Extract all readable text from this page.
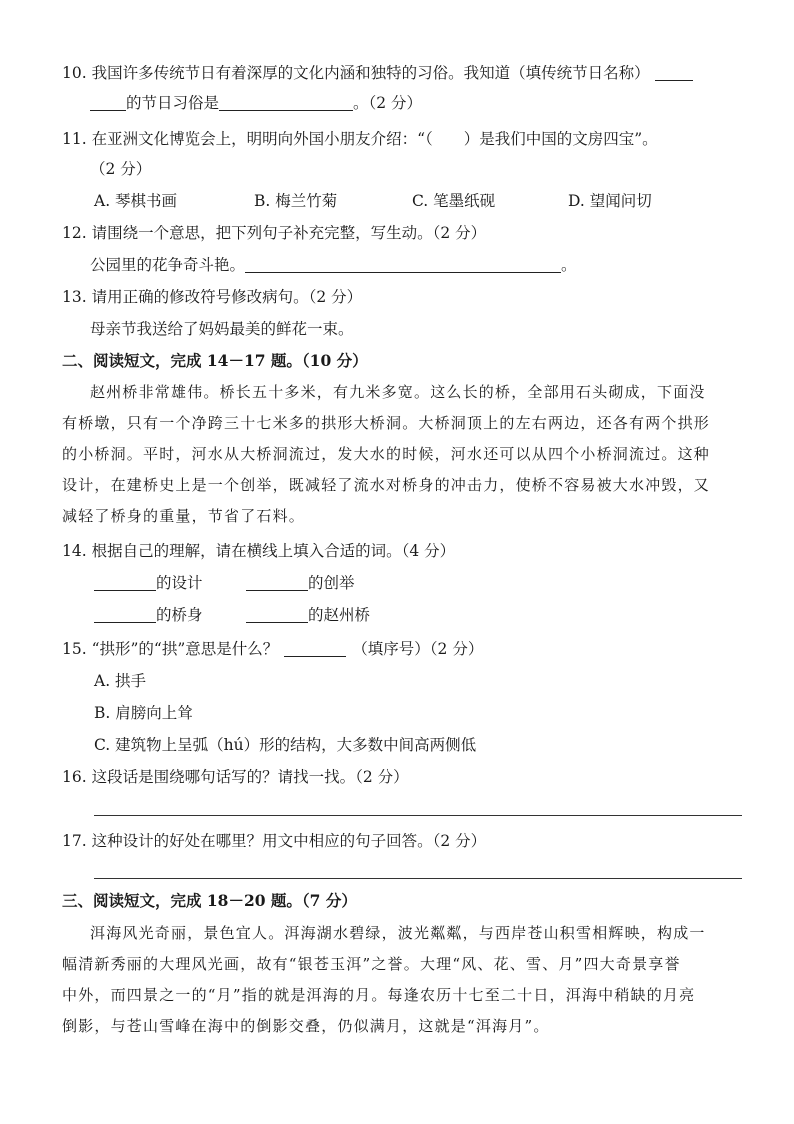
10. 我国许多传统节日有着深厚的文化内涵和独特的习俗。我知道（填传统节日名称）
的节日习俗是	。（2 分）
11. 在亚洲文化博览会上，明明向外国小朋友介绍：“（　　）是我们中国的文房四宝”。
（2 分）
A. 琴棋书画	B. 梅兰竹菊	C. 笔墨纸砚	D. 望闻问切
12. 请围绕一个意思，把下列句子补充完整，写生动。（2 分）
公园里的花争奇斗艳。	。
13. 请用正确的修改符号修改病句。（2 分）
母亲节我送给了妈妈最美的鲜花一束。
二、阅读短文，完成 14－17 题。（10 分）
赵州桥非常雄伟。桥长五十多米，有九米多宽。这么长的桥，全部用石头砌成，下面没
有桥墩，只有一个净跨三十七米多的拱形大桥洞。大桥洞顶上的左右两边，还各有两个拱形
的小桥洞。平时，河水从大桥洞流过，发大水的时候，河水还可以从四个小桥洞流过。这种
设计，在建桥史上是一个创举，既减轻了流水对桥身的冲击力，使桥不容易被大水冲毁，又
减轻了桥身的重量，节省了石料。
14. 根据自己的理解，请在横线上填入合适的词。（4 分）
的设计	的创举
的桥身	的赵州桥
15. “拱形”的“拱”意思是什么？	（填序号）（2 分）
A. 拱手
B. 肩膀向上耸
C. 建筑物上呈弧（hú）形的结构，大多数中间高两侧低
16. 这段话是围绕哪句话写的？请找一找。（2 分）
17. 这种设计的好处在哪里？用文中相应的句子回答。（2 分）
三、阅读短文，完成 18－20 题。（7 分）
洱海风光奇丽，景色宜人。洱海湖水碧绿，波光粼粼，与西岸苍山积雪相辉映，构成一
幅清新秀丽的大理风光画，故有“银苍玉洱”之誉。大理“风、花、雪、月”四大奇景享誉
中外，而四景之一的“月”指的就是洱海的月。每逢农历十七至二十日，洱海中稍缺的月亮
倒影，与苍山雪峰在海中的倒影交叠，仍似满月，这就是“洱海月”。
